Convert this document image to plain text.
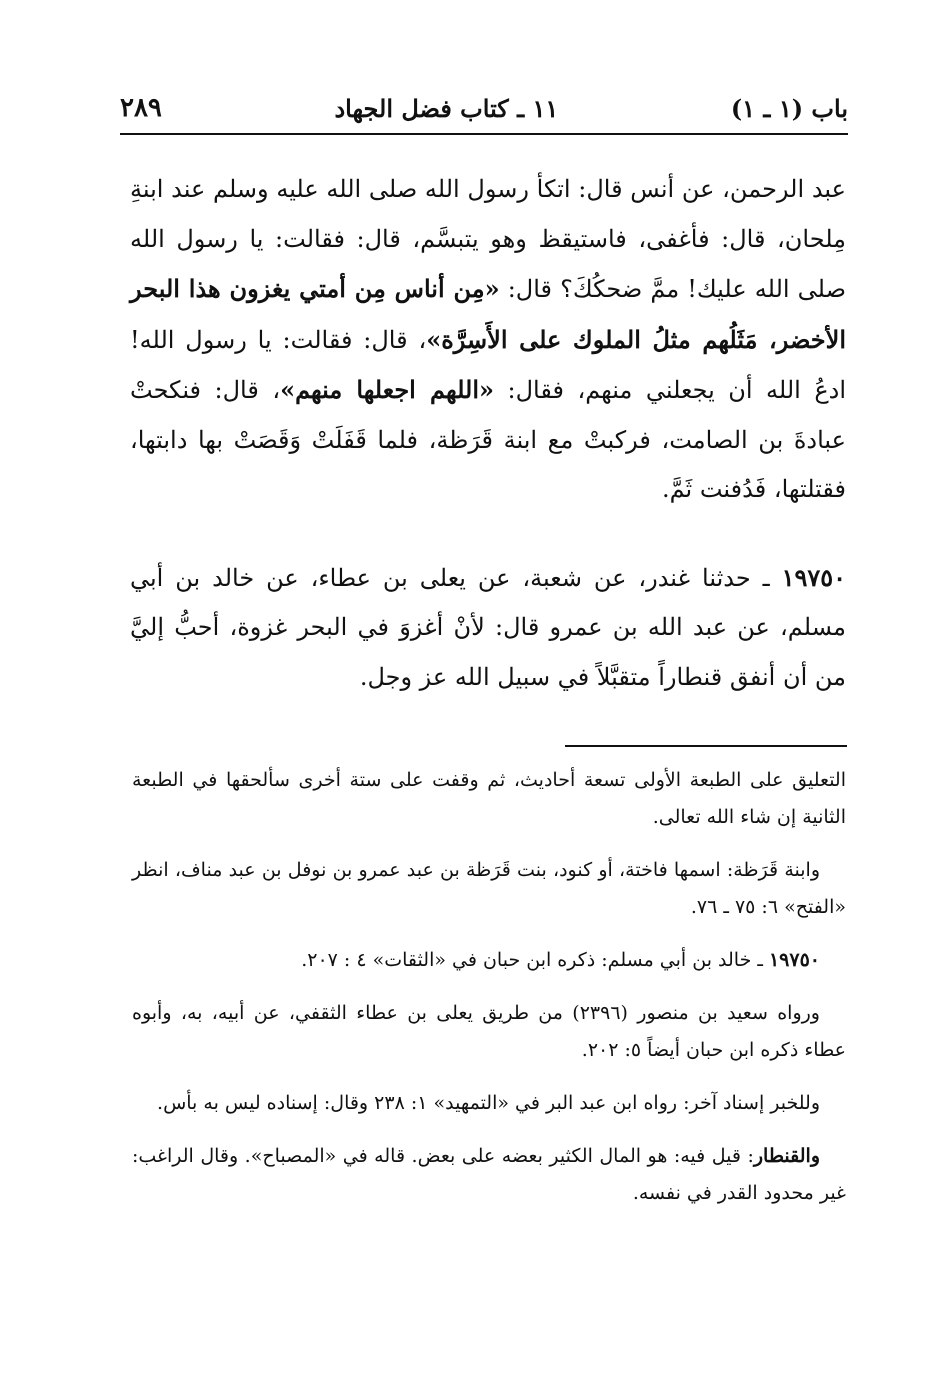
باب (١ ـ ١)
١١ ـ كتاب فضل الجهاد
٢٨٩

عبد الرحمن، عن أنس قال: اتكأ رسول الله صلى الله عليه وسلم عند ابنةِ مِلحان، قال: فأغفى، فاستيقظ وهو يتبسَّم، قال: فقالت: يا رسول الله صلى الله عليك! ممَّ ضحكُكَ؟ قال: «مِن أناس مِن أمتي يغزون هذا البحر الأخضر، مَثَلُهم مثلُ الملوك على الأَسِرَّة»، قال: فقالت: يا رسول الله! ادعُ الله أن يجعلني منهم، فقال: «اللهم اجعلها منهم»، قال: فنكحتْ عبادةَ بن الصامت، فركبتْ مع ابنة قَرَظة، فلما قَفَلَتْ وَقَصَتْ بها دابتها، فقتلتها، فَدُفنت ثَمَّ.

١٩٧٥٠ ـ حدثنا غندر، عن شعبة، عن يعلى بن عطاء، عن خالد بن أبي مسلم، عن عبد الله بن عمرو قال: لأنْ أغزوَ في البحر غزوة، أحبُّ إليَّ من أن أنفق قنطاراً متقبَّلاً في سبيل الله عز وجل.

التعليق على الطبعة الأولى تسعة أحاديث، ثم وقفت على ستة أخرى سألحقها في الطبعة الثانية إن شاء الله تعالى.

وابنة قَرَظة: اسمها فاختة، أو كنود، بنت قَرَظة بن عبد عمرو بن نوفل بن عبد مناف، انظر «الفتح» ٦: ٧٥ ـ ٧٦.

١٩٧٥٠ ـ خالد بن أبي مسلم: ذكره ابن حبان في «الثقات» ٤ : ٢٠٧.

ورواه سعيد بن منصور (٢٣٩٦) من طريق يعلى بن عطاء الثقفي، عن أبيه، به، وأبوه عطاء ذكره ابن حبان أيضاً ٥: ٢٠٢.

وللخبر إسناد آخر: رواه ابن عبد البر في «التمهيد» ١: ٢٣٨ وقال: إسناده ليس به بأس.

والقنطار: قيل فيه: هو المال الكثير بعضه على بعض. قاله في «المصباح». وقال الراغب: غير محدود القدر في نفسه.
